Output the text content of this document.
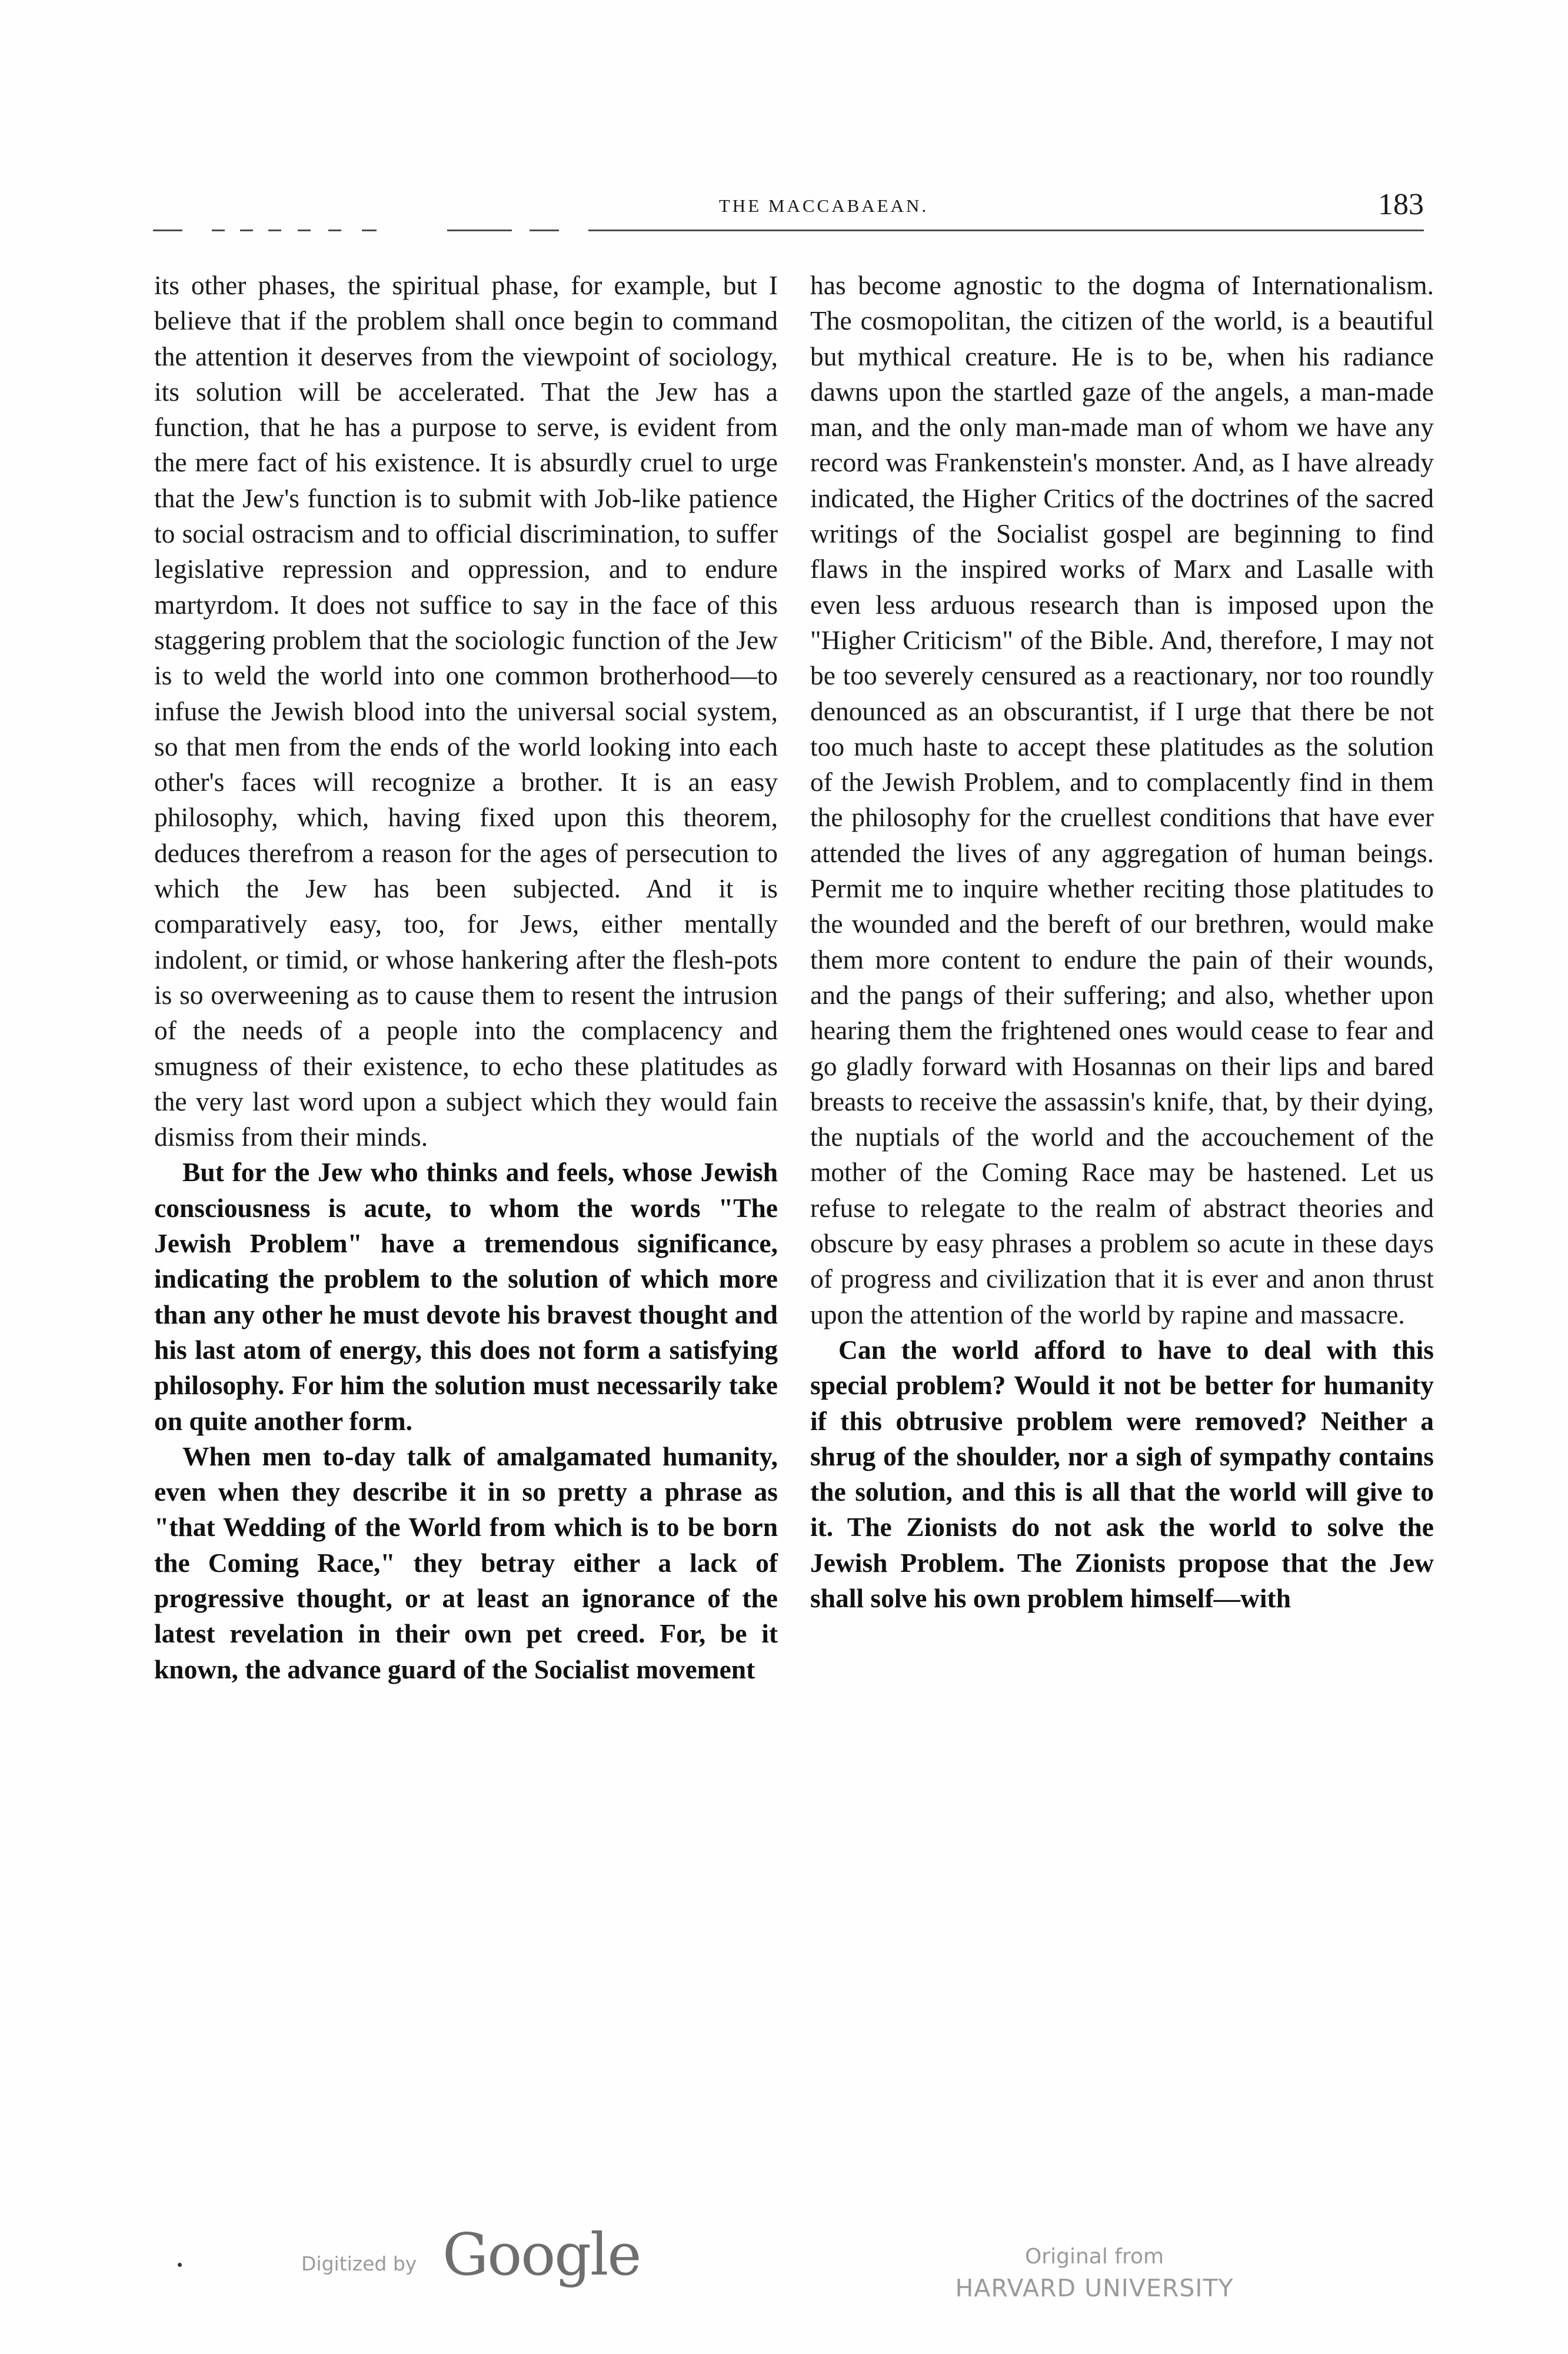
THE MACCABAEAN.	183

its other phases, the spiritual phase, for example, but I believe that if the problem shall once begin to command the attention it deserves from the viewpoint of sociology, its solution will be accelerated. That the Jew has a function, that he has a purpose to serve, is evident from the mere fact of his existence. It is absurdly cruel to urge that the Jew's function is to submit with Job-like patience to social ostracism and to official discrimination, to suffer legislative repression and oppression, and to endure martyrdom. It does not suffice to say in the face of this staggering problem that the sociologic function of the Jew is to weld the world into one common brotherhood—to infuse the Jewish blood into the universal social system, so that men from the ends of the world looking into each other's faces will recognize a brother. It is an easy philosophy, which, having fixed upon this theorem, deduces therefrom a reason for the ages of persecution to which the Jew has been subjected. And it is comparatively easy, too, for Jews, either mentally indolent, or timid, or whose hankering after the flesh-pots is so overweening as to cause them to resent the intrusion of the needs of a people into the complacency and smugness of their existence, to echo these platitudes as the very last word upon a subject which they would fain dismiss from their minds.

But for the Jew who thinks and feels, whose Jewish consciousness is acute, to whom the words "The Jewish Problem" have a tremendous significance, indicating the problem to the solution of which more than any other he must devote his bravest thought and his last atom of energy, this does not form a satisfying philosophy. For him the solution must necessarily take on quite another form.

When men to-day talk of amalgamated humanity, even when they describe it in so pretty a phrase as "that Wedding of the World from which is to be born the Coming Race," they betray either a lack of progressive thought, or at least an ignorance of the latest revelation in their own pet creed. For, be it known, the advance guard of the Socialist movement

has become agnostic to the dogma of Internationalism. The cosmopolitan, the citizen of the world, is a beautiful but mythical creature. He is to be, when his radiance dawns upon the startled gaze of the angels, a man-made man, and the only man-made man of whom we have any record was Frankenstein's monster. And, as I have already indicated, the Higher Critics of the doctrines of the sacred writings of the Socialist gospel are beginning to find flaws in the inspired works of Marx and Lasalle with even less arduous research than is imposed upon the "Higher Criticism" of the Bible. And, therefore, I may not be too severely censured as a reactionary, nor too roundly denounced as an obscurantist, if I urge that there be not too much haste to accept these platitudes as the solution of the Jewish Problem, and to complacently find in them the philosophy for the cruellest conditions that have ever attended the lives of any aggregation of human beings. Permit me to inquire whether reciting those platitudes to the wounded and the bereft of our brethren, would make them more content to endure the pain of their wounds, and the pangs of their suffering; and also, whether upon hearing them the frightened ones would cease to fear and go gladly forward with Hosannas on their lips and bared breasts to receive the assassin's knife, that, by their dying, the nuptials of the world and the accouchement of the mother of the Coming Race may be hastened. Let us refuse to relegate to the realm of abstract theories and obscure by easy phrases a problem so acute in these days of progress and civilization that it is ever and anon thrust upon the attention of the world by rapine and massacre.

Can the world afford to have to deal with this special problem? Would it not be better for humanity if this obtrusive problem were removed? Neither a shrug of the shoulder, nor a sigh of sympathy contains the solution, and this is all that the world will give to it. The Zionists do not ask the world to solve the Jewish Problem. The Zionists propose that the Jew shall solve his own problem himself—with

Digitized by Google	Original from
HARVARD UNIVERSITY
